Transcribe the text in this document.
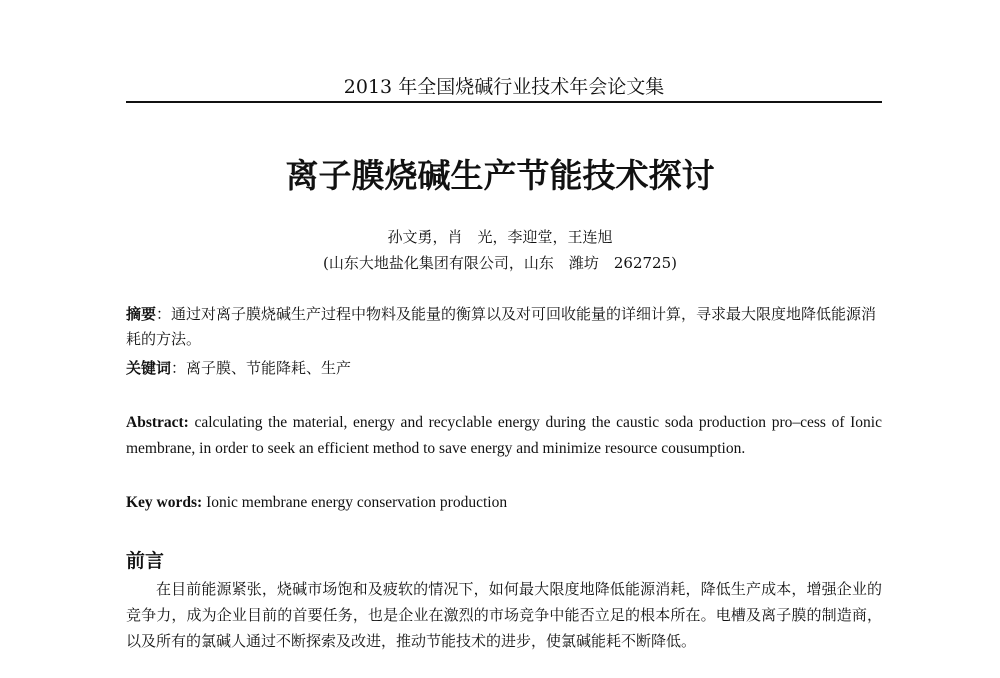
2013 年全国烧碱行业技术年会论文集
离子膜烧碱生产节能技术探讨
孙文勇，肖　光，李迎堂，王连旭
(山东大地盐化集团有限公司，山东　潍坊　262725)
摘要：通过对离子膜烧碱生产过程中物料及能量的衡算以及对可回收能量的详细计算，寻求最大限度地降低能源消耗的方法。
关键词：离子膜、节能降耗、生产
Abstract: calculating the material, energy and recyclable energy during the caustic soda production pro–cess of Ionic membrane, in order to seek an efficient method to save energy and minimize resource cousumption.
Key words: Ionic membrane energy conservation production
前言
在目前能源紧张，烧碱市场饱和及疲软的情况下，如何最大限度地降低能源消耗，降低生产成本，增强企业的竞争力，成为企业目前的首要任务，也是企业在激烈的市场竞争中能否立足的根本所在。电槽及离子膜的制造商，以及所有的氯碱人通过不断探索及改进，推动节能技术的进步，使氯碱能耗不断降低。
